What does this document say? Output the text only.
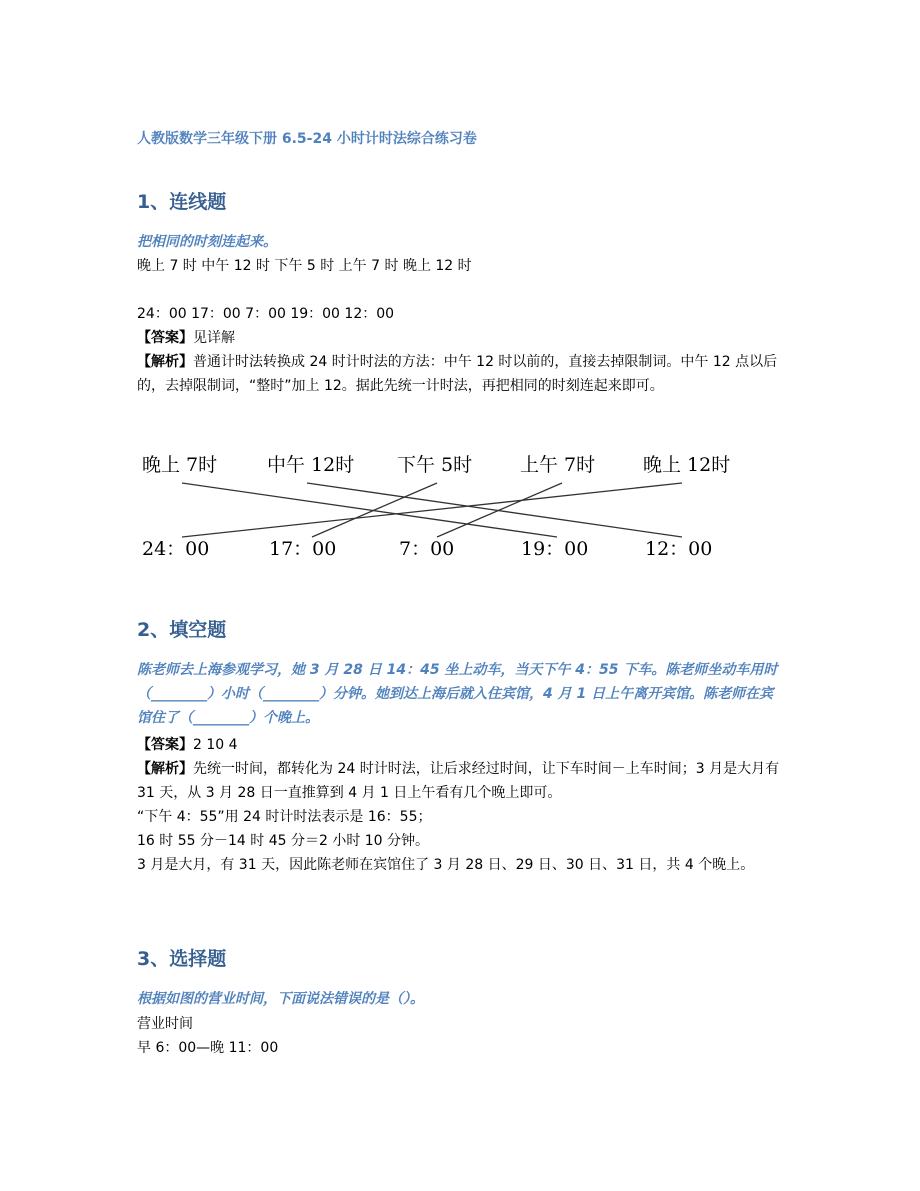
人教版数学三年级下册 6.5-24 小时计时法综合练习卷
1、连线题
把相同的时刻连起来。
晚上 7 时 中午 12 时 下午 5 时 上午 7 时 晚上 12 时
24：00 17：00 7：00 19：00 12：00
【答案】见详解
【解析】普通计时法转换成 24 时计时法的方法：中午 12 时以前的，直接去掉限制词。中午 12 点以后的，去掉限制词，“整时”加上 12。据此先统一计时法，再把相同的时刻连起来即可。
晚上 7时	中午 12时 下午 5时	上午 7时	晚上 12时
24：00	17：00	7：00	19：00	12：00
2、填空题
陈老师去上海参观学习，她 3 月 28 日 14：45 坐上动车，当天下午 4：55 下车。陈老师坐动车用时（________）小时（________）分钟。她到达上海后就入住宾馆，4 月 1 日上午离开宾馆。陈老师在宾馆住了（________）个晚上。
【答案】2 10 4
【解析】先统一时间，都转化为 24 时计时法，让后求经过时间，让下车时间－上车时间；3 月是大月有 31 天，从 3 月 28 日一直推算到 4 月 1 日上午看有几个晚上即可。
“下午 4：55”用 24 时计时法表示是 16：55；
16 时 55 分－14 时 45 分＝2 小时 10 分钟。
3 月是大月，有 31 天，因此陈老师在宾馆住了 3 月 28 日、29 日、30 日、31 日，共 4 个晚上。
3、选择题
根据如图的营业时间，下面说法错误的是（）。
营业时间
早 6：00—晚 11：00
